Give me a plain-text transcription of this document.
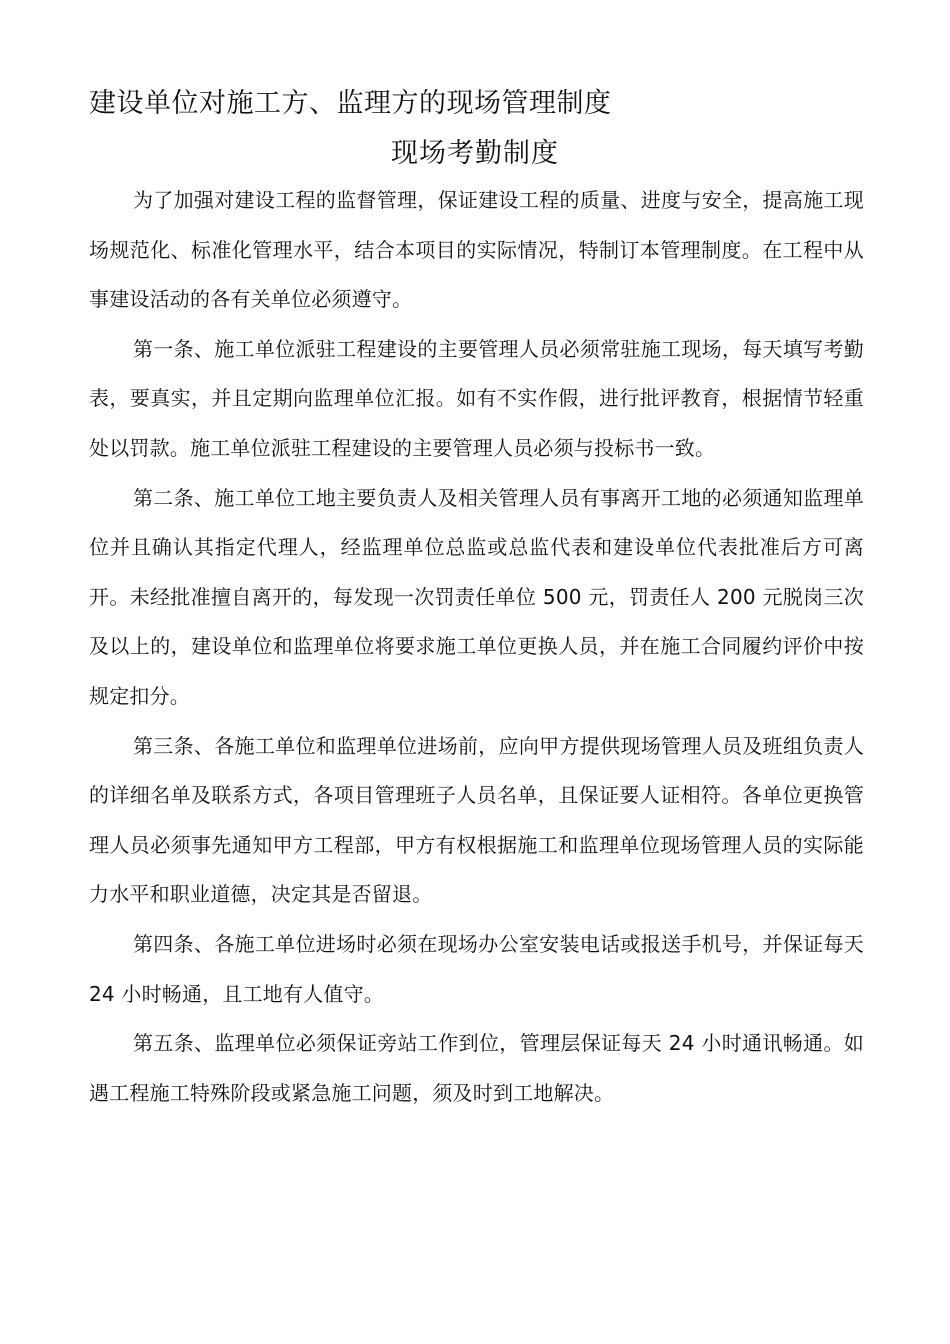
建设单位对施工方、监理方的现场管理制度
现场考勤制度

为了加强对建设工程的监督管理，保证建设工程的质量、进度与安全，提高施工现场规范化、标准化管理水平，结合本项目的实际情况，特制订本管理制度。在工程中从事建设活动的各有关单位必须遵守。

第一条、施工单位派驻工程建设的主要管理人员必须常驻施工现场，每天填写考勤表，要真实，并且定期向监理单位汇报。如有不实作假，进行批评教育，根据情节轻重处以罚款。施工单位派驻工程建设的主要管理人员必须与投标书一致。

第二条、施工单位工地主要负责人及相关管理人员有事离开工地的必须通知监理单位并且确认其指定代理人，经监理单位总监或总监代表和建设单位代表批准后方可离开。未经批准擅自离开的，每发现一次罚责任单位 500 元，罚责任人 200 元脱岗三次及以上的，建设单位和监理单位将要求施工单位更换人员，并在施工合同履约评价中按规定扣分。

第三条、各施工单位和监理单位进场前，应向甲方提供现场管理人员及班组负责人的详细名单及联系方式，各项目管理班子人员名单，且保证要人证相符。各单位更换管理人员必须事先通知甲方工程部，甲方有权根据施工和监理单位现场管理人员的实际能力水平和职业道德，决定其是否留退。

第四条、各施工单位进场时必须在现场办公室安装电话或报送手机号，并保证每天 24 小时畅通，且工地有人值守。

第五条、监理单位必须保证旁站工作到位，管理层保证每天 24 小时通讯畅通。如遇工程施工特殊阶段或紧急施工问题，须及时到工地解决。
